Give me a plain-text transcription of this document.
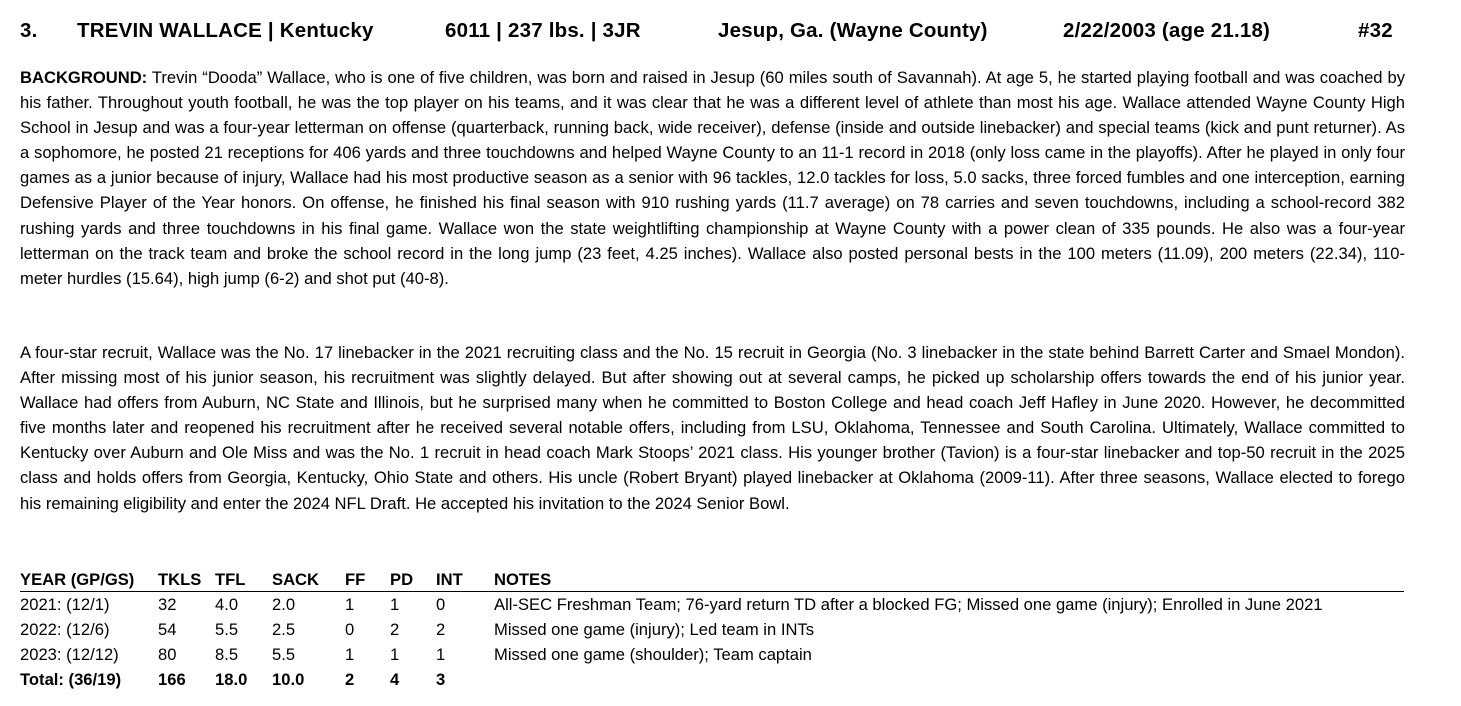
3. TREVIN WALLACE | Kentucky	6011 | 237 lbs. | 3JR	Jesup, Ga. (Wayne County)	2/22/2003 (age 21.18)	#32

BACKGROUND: Trevin “Dooda” Wallace, who is one of five children, was born and raised in Jesup (60 miles south of Savannah). At age 5, he started playing football and was coached by his father. Throughout youth football, he was the top player on his teams, and it was clear that he was a different level of athlete than most his age. Wallace attended Wayne County High School in Jesup and was a four-year letterman on offense (quarterback, running back, wide receiver), defense (inside and outside linebacker) and special teams (kick and punt returner). As a sophomore, he posted 21 receptions for 406 yards and three touchdowns and helped Wayne County to an 11-1 record in 2018 (only loss came in the playoffs). After he played in only four games as a junior because of injury, Wallace had his most productive season as a senior with 96 tackles, 12.0 tackles for loss, 5.0 sacks, three forced fumbles and one interception, earning Defensive Player of the Year honors. On offense, he finished his final season with 910 rushing yards (11.7 average) on 78 carries and seven touchdowns, including a school-record 382 rushing yards and three touchdowns in his final game. Wallace won the state weightlifting championship at Wayne County with a power clean of 335 pounds. He also was a four-year letterman on the track team and broke the school record in the long jump (23 feet, 4.25 inches). Wallace also posted personal bests in the 100 meters (11.09), 200 meters (22.34), 110-meter hurdles (15.64), high jump (6-2) and shot put (40-8).

A four-star recruit, Wallace was the No. 17 linebacker in the 2021 recruiting class and the No. 15 recruit in Georgia (No. 3 linebacker in the state behind Barrett Carter and Smael Mondon). After missing most of his junior season, his recruitment was slightly delayed. But after showing out at several camps, he picked up scholarship offers towards the end of his junior year. Wallace had offers from Auburn, NC State and Illinois, but he surprised many when he committed to Boston College and head coach Jeff Hafley in June 2020. However, he decommitted five months later and reopened his recruitment after he received several notable offers, including from LSU, Oklahoma, Tennessee and South Carolina. Ultimately, Wallace committed to Kentucky over Auburn and Ole Miss and was the No. 1 recruit in head coach Mark Stoops’ 2021 class. His younger brother (Tavion) is a four-star linebacker and top-50 recruit in the 2025 class and holds offers from Georgia, Kentucky, Ohio State and others. His uncle (Robert Bryant) played linebacker at Oklahoma (2009-11). After three seasons, Wallace elected to forego his remaining eligibility and enter the 2024 NFL Draft. He accepted his invitation to the 2024 Senior Bowl.

YEAR (GP/GS)	TKLS	TFL	SACK	FF	PD	INT	NOTES
2021: (12/1)	32	4.0	2.0	1	1	0	All-SEC Freshman Team; 76-yard return TD after a blocked FG; Missed one game (injury); Enrolled in June 2021
2022: (12/6)	54	5.5	2.5	0	2	2	Missed one game (injury); Led team in INTs
2023: (12/12)	80	8.5	5.5	1	1	1	Missed one game (shoulder); Team captain
Total: (36/19)	166	18.0	10.0	2	4	3	
